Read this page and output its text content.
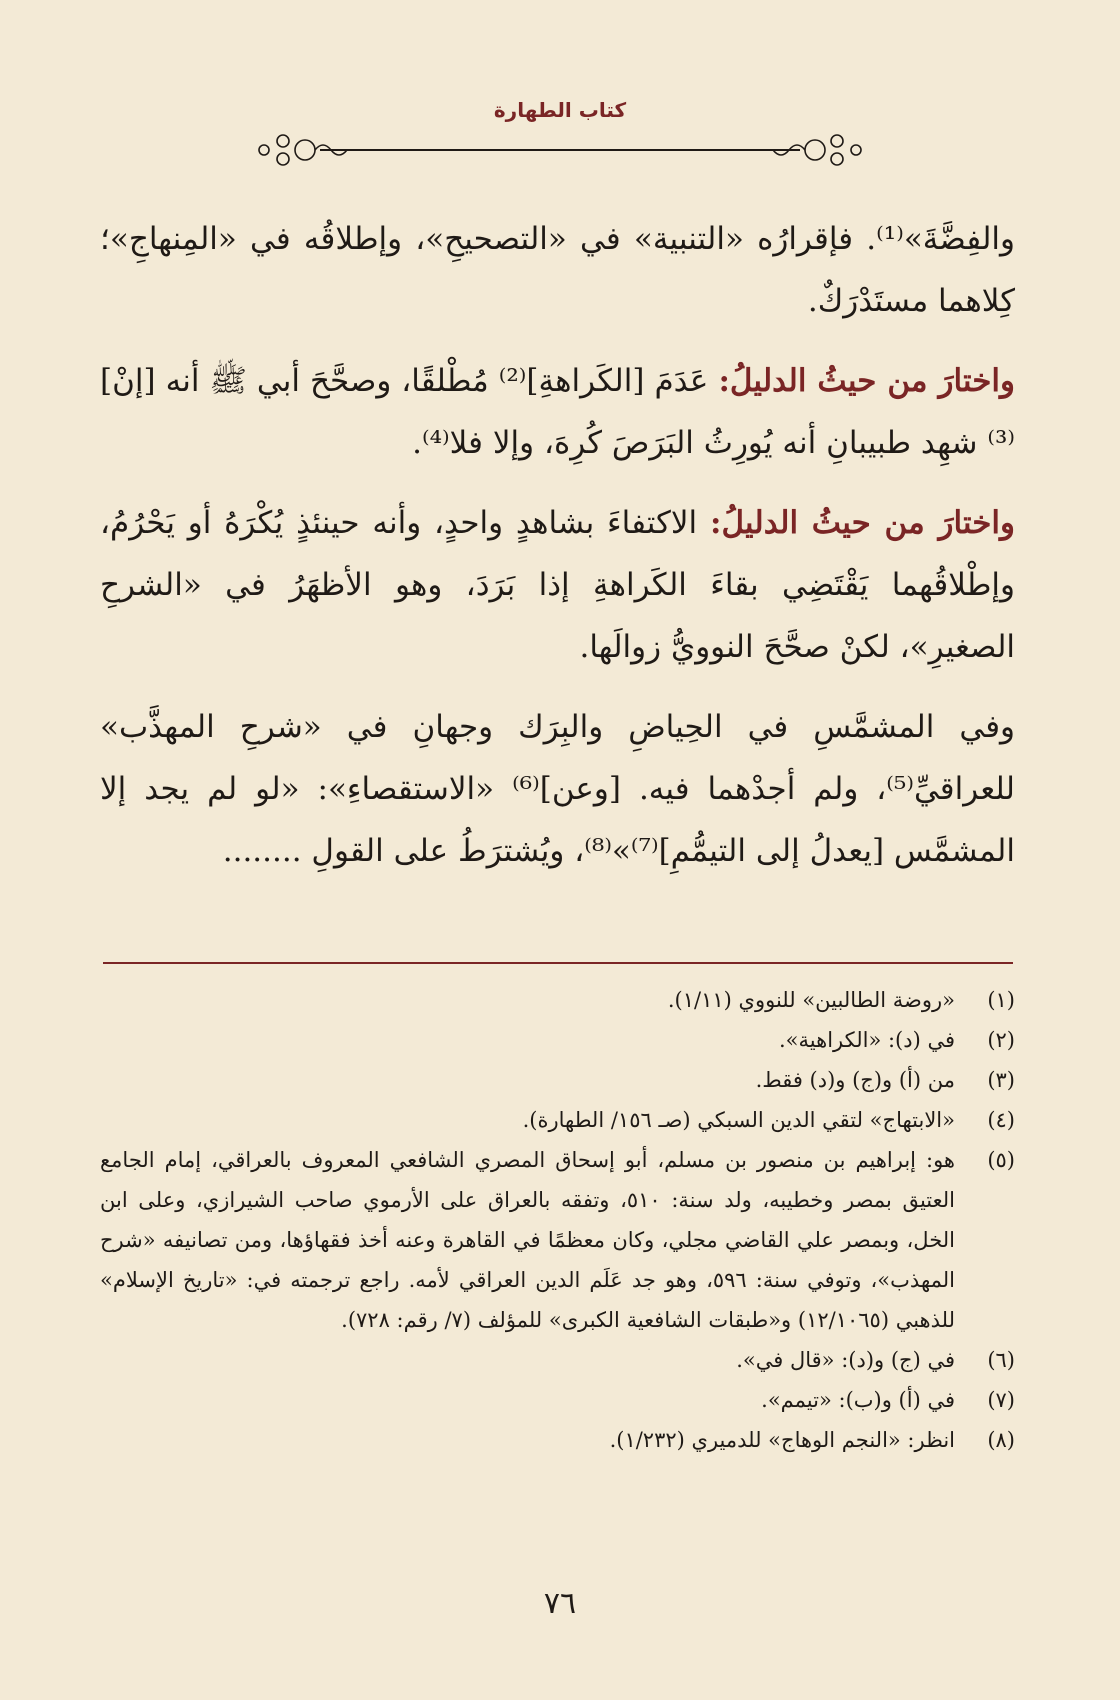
كتاب الطهارة

والفِضَّةَ»⁽¹⁾. فإقرارُه «التنبية» في «التصحيحِ»، وإطلاقُه في «المِنهاجِ»؛ كِلاهما مستَدْرَكٌ.

واختارَ من حيثُ الدليلُ: عَدَمَ [الكَراهةِ]⁽²⁾ مُطْلقًا، وصحَّحَ أبي ﷺ أنه [إنْ]⁽³⁾ شهِد طبيبانِ أنه يُورِثُ البَرَصَ كُرِهَ، وإلا فلا⁽⁴⁾.

واختارَ من حيثُ الدليلُ: الاكتفاءَ بشاهدٍ واحدٍ، وأنه حينئذٍ يُكْرَهُ أو يَحْرُمُ، وإطْلاقُهما يَقْتَضِي بقاءَ الكَراهةِ إذا بَرَدَ، وهو الأظهَرُ في «الشرحِ الصغيرِ»، لكنْ صحَّحَ النوويُّ زوالَها.

وفي المشمَّسِ في الحِياضِ والبِرَك وجهانِ في «شرحِ المهذَّب» للعراقيِّ⁽⁵⁾، ولم أجدْهما فيه. [وعن]⁽⁶⁾ «الاستقصاءِ»: «لو لم يجد إلا المشمَّس [يعدلُ إلى التيمُّمِ]⁽⁷⁾»⁽⁸⁾، ويُشترَطُ على القولِ ........

(١)
«روضة الطالبين» للنووي (١/١١).
(٢)
في (د): «الكراهية».
(٣)
من (أ) و(ج) و(د) فقط.
(٤)
«الابتهاج» لتقي الدين السبكي (صـ ١٥٦/ الطهارة).
(٥)
هو: إبراهيم بن منصور بن مسلم، أبو إسحاق المصري الشافعي المعروف بالعراقي، إمام الجامع العتيق بمصر وخطيبه، ولد سنة: ٥١٠، وتفقه بالعراق على الأرموي صاحب الشيرازي، وعلى ابن الخل، وبمصر علي القاضي مجلي، وكان معظمًا في القاهرة وعنه أخذ فقهاؤها، ومن تصانيفه «شرح المهذب»، وتوفي سنة: ٥٩٦، وهو جد عَلَم الدين العراقي لأمه. راجع ترجمته في: «تاريخ الإسلام» للذهبي (١٢/١٠٦٥) و«طبقات الشافعية الكبرى» للمؤلف (٧/ رقم: ٧٢٨).
(٦)
في (ج) و(د): «قال في».
(٧)
في (أ) و(ب): «تيمم».
(٨)
انظر: «النجم الوهاج» للدميري (١/٢٣٢).
٧٦
